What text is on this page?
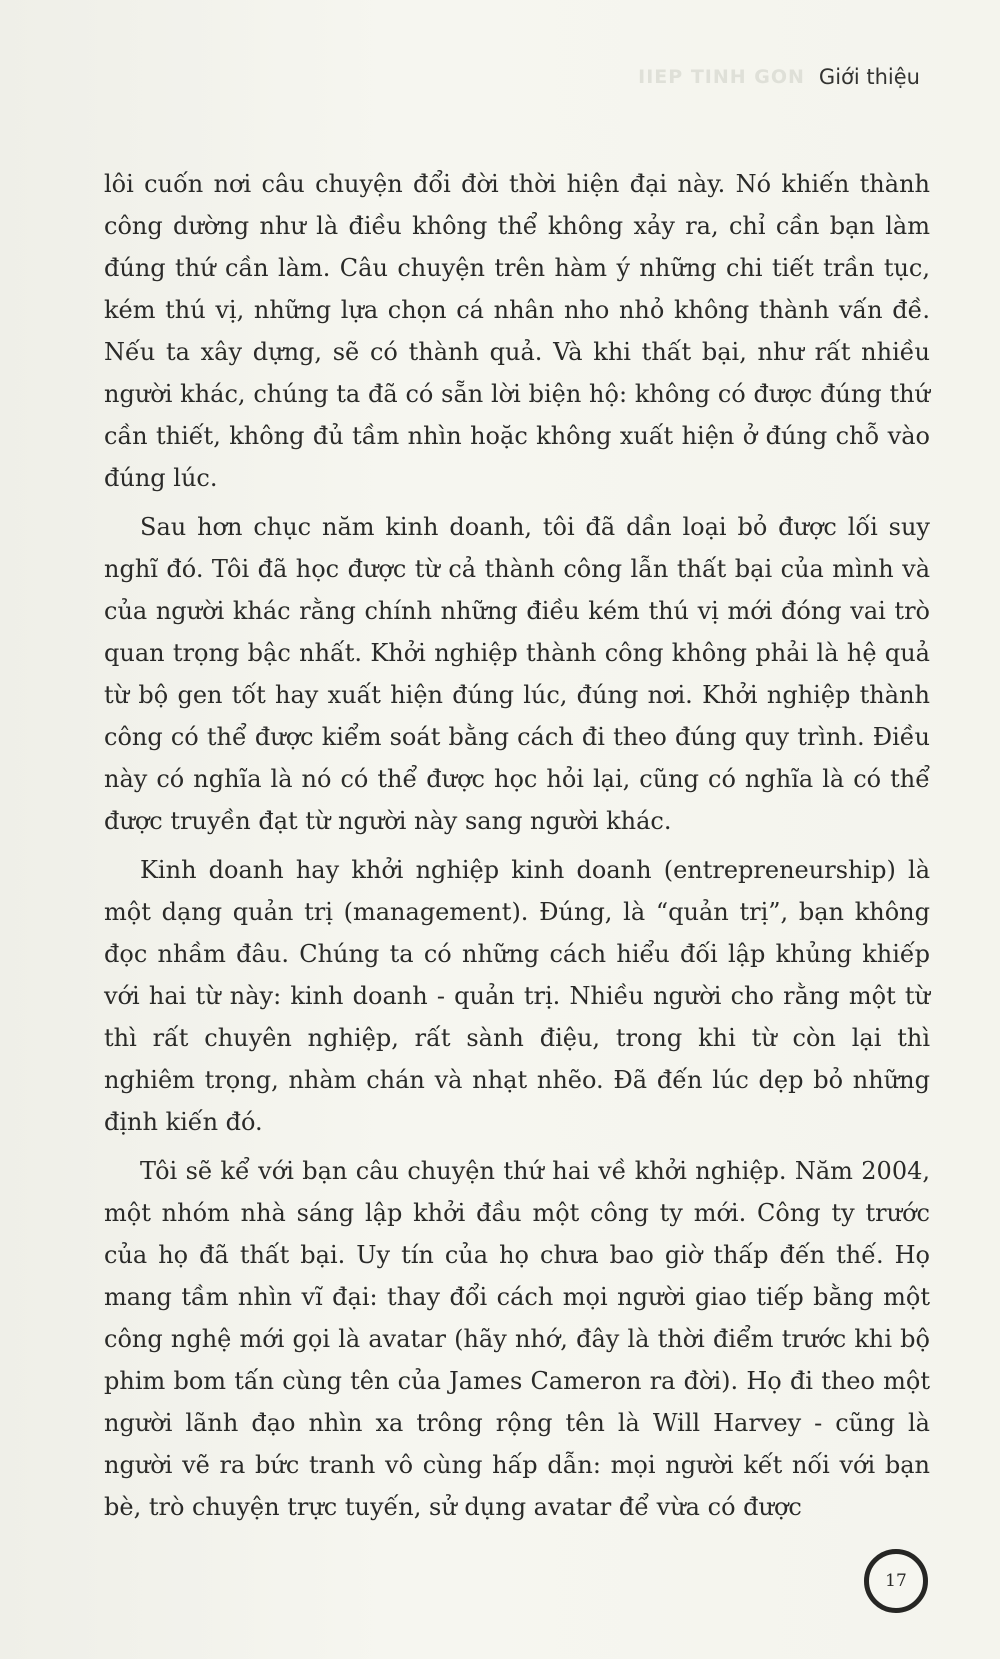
IIEP TINH GON Giới thiệu

lôi cuốn nơi câu chuyện đổi đời thời hiện đại này. Nó khiến thành công dường như là điều không thể không xảy ra, chỉ cần bạn làm đúng thứ cần làm. Câu chuyện trên hàm ý những chi tiết trần tục, kém thú vị, những lựa chọn cá nhân nho nhỏ không thành vấn đề. Nếu ta xây dựng, sẽ có thành quả. Và khi thất bại, như rất nhiều người khác, chúng ta đã có sẵn lời biện hộ: không có được đúng thứ cần thiết, không đủ tầm nhìn hoặc không xuất hiện ở đúng chỗ vào đúng lúc.

Sau hơn chục năm kinh doanh, tôi đã dần loại bỏ được lối suy nghĩ đó. Tôi đã học được từ cả thành công lẫn thất bại của mình và của người khác rằng chính những điều kém thú vị mới đóng vai trò quan trọng bậc nhất. Khởi nghiệp thành công không phải là hệ quả từ bộ gen tốt hay xuất hiện đúng lúc, đúng nơi. Khởi nghiệp thành công có thể được kiểm soát bằng cách đi theo đúng quy trình. Điều này có nghĩa là nó có thể được học hỏi lại, cũng có nghĩa là có thể được truyền đạt từ người này sang người khác.

Kinh doanh hay khởi nghiệp kinh doanh (entrepreneurship) là một dạng quản trị (management). Đúng, là “quản trị”, bạn không đọc nhầm đâu. Chúng ta có những cách hiểu đối lập khủng khiếp với hai từ này: kinh doanh - quản trị. Nhiều người cho rằng một từ thì rất chuyên nghiệp, rất sành điệu, trong khi từ còn lại thì nghiêm trọng, nhàm chán và nhạt nhẽo. Đã đến lúc dẹp bỏ những định kiến đó.

Tôi sẽ kể với bạn câu chuyện thứ hai về khởi nghiệp. Năm 2004, một nhóm nhà sáng lập khởi đầu một công ty mới. Công ty trước của họ đã thất bại. Uy tín của họ chưa bao giờ thấp đến thế. Họ mang tầm nhìn vĩ đại: thay đổi cách mọi người giao tiếp bằng một công nghệ mới gọi là avatar (hãy nhớ, đây là thời điểm trước khi bộ phim bom tấn cùng tên của James Cameron ra đời). Họ đi theo một người lãnh đạo nhìn xa trông rộng tên là Will Harvey - cũng là người vẽ ra bức tranh vô cùng hấp dẫn: mọi người kết nối với bạn bè, trò chuyện trực tuyến, sử dụng avatar để vừa có được

17
